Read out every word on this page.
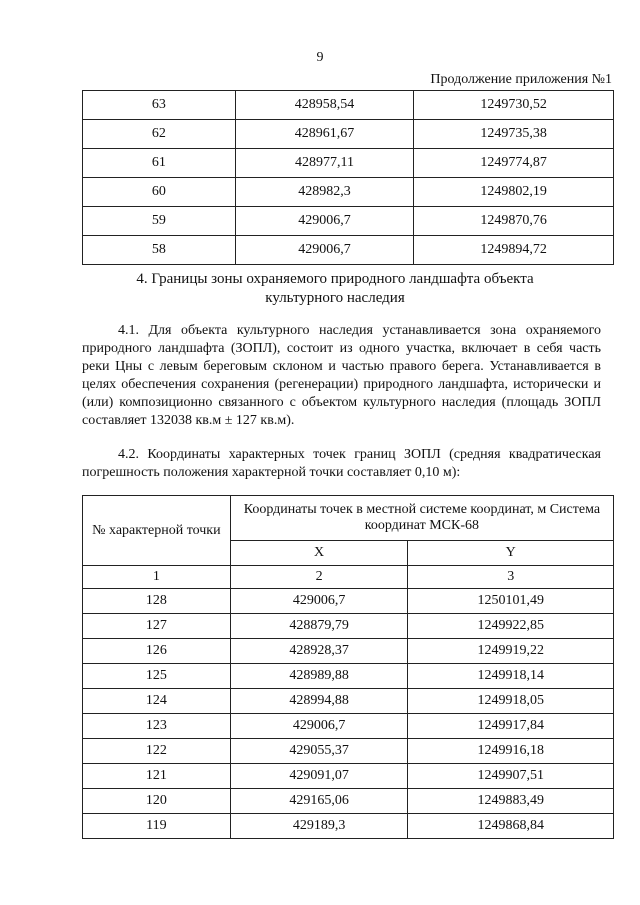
9
Продолжение приложения №1
63	428958,54	1249730,52
62	428961,67	1249735,38
61	428977,11	1249774,87
60	428982,3	1249802,19
59	429006,7	1249870,76
58	429006,7	1249894,72
4. Границы зоны охраняемого природного ландшафта объекта культурного наследия

4.1. Для объекта культурного наследия устанавливается зона охраняемого природного ландшафта (ЗОПЛ), состоит из одного участка, включает в себя часть реки Цны с левым береговым склоном и частью правого берега. Устанавливается в целях обеспечения сохранения (регенерации) природного ландшафта, исторически и (или) композиционно связанного с объектом культурного наследия (площадь ЗОПЛ составляет 132038 кв.м ± 127 кв.м).

4.2. Координаты характерных точек границ ЗОПЛ (средняя квадратическая погрешность положения характерной точки составляет 0,10 м):

№ характерной точки	Координаты точек в местной системе координат, м Система координат МСК-68	
	X	Y
1	2	3
128	429006,7	1250101,49
127	428879,79	1249922,85
126	428928,37	1249919,22
125	428989,88	1249918,14
124	428994,88	1249918,05
123	429006,7	1249917,84
122	429055,37	1249916,18
121	429091,07	1249907,51
120	429165,06	1249883,49
119	429189,3	1249868,84
